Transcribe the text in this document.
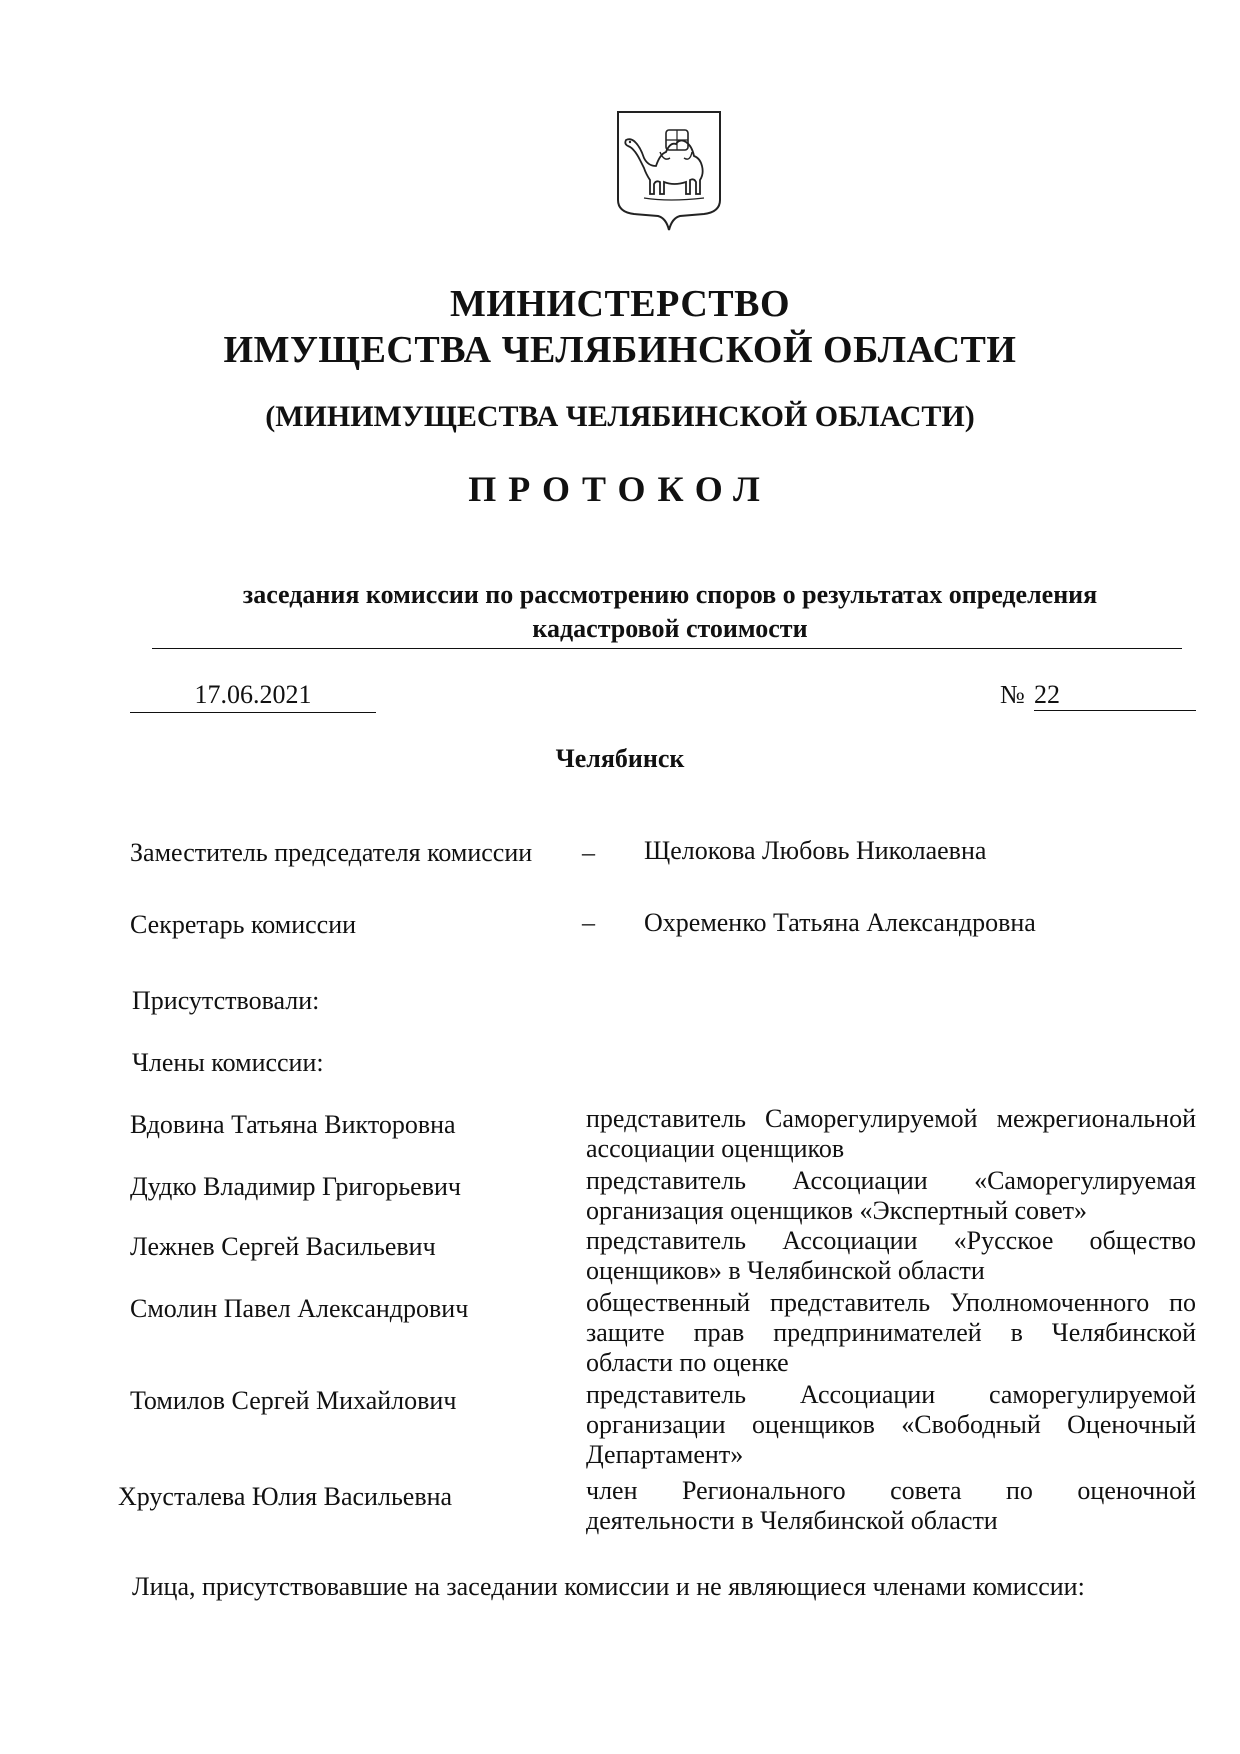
МИНИСТЕРСТВО
ИМУЩЕСТВА ЧЕЛЯБИНСКОЙ ОБЛАСТИ
(МИНИМУЩЕСТВА ЧЕЛЯБИНСКОЙ ОБЛАСТИ)
ПРОТОКОЛ
заседания комиссии по рассмотрению споров о результатах определения
кадастровой стоимости
17.06.2021	№ 22
Челябинск
Заместитель председателя комиссии – Щелокова Любовь Николаевна
Секретарь комиссии	– Охременко Татьяна Александровна
Присутствовали:
Члены комиссии:
Вдовина Татьяна Викторовна	представитель Саморегулируемой межрегиональной ассоциации оценщиков
Дудко Владимир Григорьевич	представитель Ассоциации «Саморегулируемая организация оценщиков «Экспертный совет»
Лежнев Сергей Васильевич	представитель Ассоциации «Русское общество оценщиков» в Челябинской области
Смолин Павел Александрович	общественный представитель Уполномоченного по защите прав предпринимателей в Челябинской области по оценке
Томилов Сергей Михайлович	представитель Ассоциации саморегулируемой организации оценщиков «Свободный Оценочный Департамент»
Хрусталева Юлия Васильевна	член Регионального совета по оценочной деятельности в Челябинской области
Лица, присутствовавшие на заседании комиссии и не являющиеся членами комиссии:
